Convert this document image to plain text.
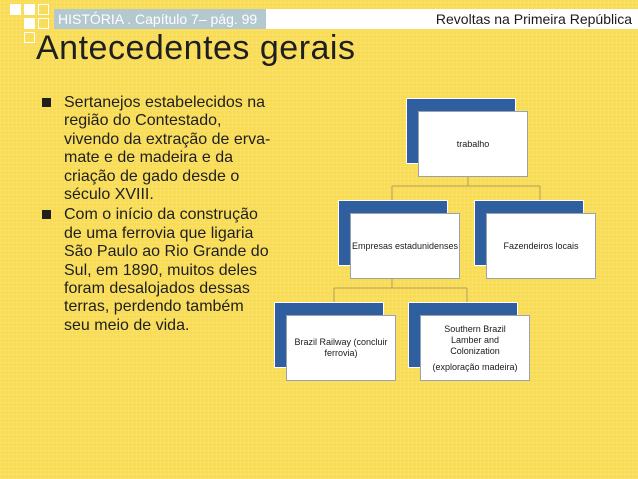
HISTÓRIA . Capítulo 7– pág. 99	Revoltas na Primeira República
Antecedentes gerais
Sertanejos estabelecidos na região do Contestado, vivendo da extração de erva-mate e de madeira e da criação de gado desde o século XVIII.
Com o início da construção de uma ferrovia que ligaria São Paulo ao Rio Grande do Sul, em 1890, muitos deles foram desalojados dessas terras, perdendo também seu meio de vida.
trabalho
Empresas estadunidenses	Fazendeiros locais
Brazil Railway (concluir ferrovia)
Southern Brazil Lamber and Colonization
(exploração madeira)
